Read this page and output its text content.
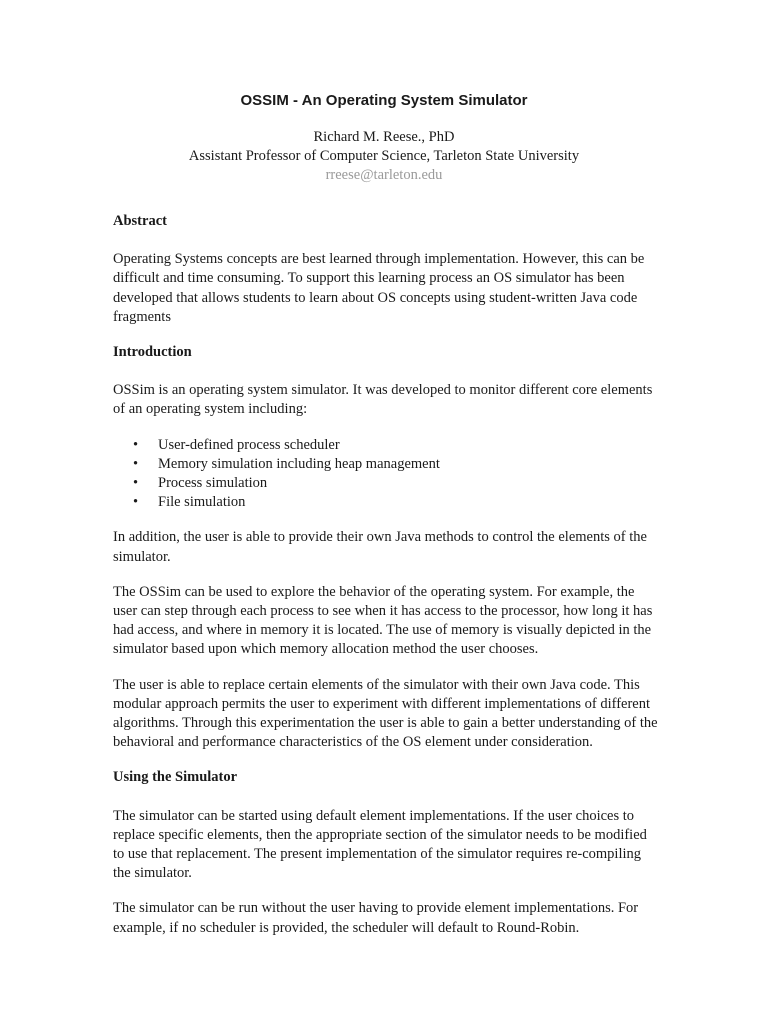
OSSIM - An Operating System Simulator
Richard M. Reese., PhD
Assistant Professor of Computer Science, Tarleton State University
rreese@tarleton.edu
Abstract

Operating Systems concepts are best learned through implementation. However, this can be difficult and time consuming. To support this learning process an OS simulator has been developed that allows students to learn about OS concepts using student-written Java code fragments

Introduction

OSSim is an operating system simulator. It was developed to monitor different core elements of an operating system including:

• User-defined process scheduler
• Memory simulation including heap management
• Process simulation
• File simulation

In addition, the user is able to provide their own Java methods to control the elements of the simulator.

The OSSim can be used to explore the behavior of the operating system. For example, the user can step through each process to see when it has access to the processor, how long it has had access, and where in memory it is located. The use of memory is visually depicted in the simulator based upon which memory allocation method the user chooses.

The user is able to replace certain elements of the simulator with their own Java code. This modular approach permits the user to experiment with different implementations of different algorithms. Through this experimentation the user is able to gain a better understanding of the behavioral and performance characteristics of the OS element under consideration.

Using the Simulator

The simulator can be started using default element implementations. If the user choices to replace specific elements, then the appropriate section of the simulator needs to be modified to use that replacement. The present implementation of the simulator requires re-compiling the simulator.

The simulator can be run without the user having to provide element implementations. For example, if no scheduler is provided, the scheduler will default to Round-Robin.
